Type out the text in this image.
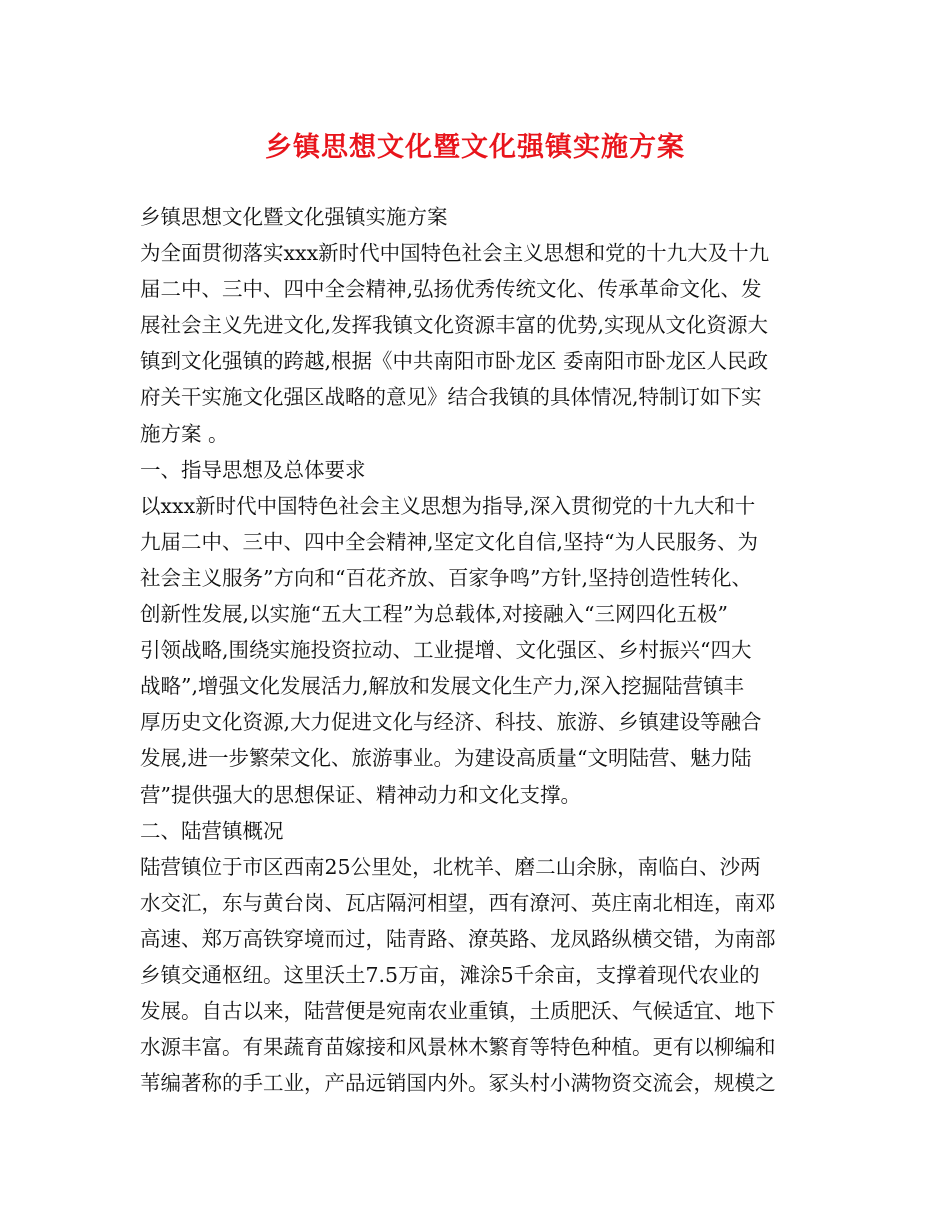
乡镇思想文化暨文化强镇实施方案
乡镇思想文化暨文化强镇实施方案
为全面贯彻落实xxx新时代中国特色社会主义思想和党的十九大及十九
届二中、三中、四中全会精神,弘扬优秀传统文化、传承革命文化、发
展社会主义先进文化,发挥我镇文化资源丰富的优势,实现从文化资源大
镇到文化强镇的跨越,根据《中共南阳市卧龙区 委南阳市卧龙区人民政
府关干实施文化强区战略的意见》结合我镇的具体情况,特制订如下实
施方案 。
一、指导思想及总体要求
以xxx新时代中国特色社会主义思想为指导,深入贯彻党的十九大和十
九届二中、三中、四中全会精神,坚定文化自信,坚持“为人民服务、为
社会主义服务”方向和“百花齐放、百家争鸣”方针,坚持创造性转化、
创新性发展,以实施“五大工程”为总载体,对接融入“三网四化五极”
引领战略,围绕实施投资拉动、工业提增、文化强区、乡村振兴“四大
战略”,增强文化发展活力,解放和发展文化生产力,深入挖掘陆营镇丰
厚历史文化资源,大力促进文化与经济、科技、旅游、乡镇建设等融合
发展,进一步繁荣文化、旅游事业。为建设高质量“文明陆营、魅力陆
营”提供强大的思想保证、精神动力和文化支撑。
二、陆营镇概况
陆营镇位于市区西南25公里处，北枕羊、磨二山余脉，南临白、沙两
水交汇，东与黄台岗、瓦店隔河相望，西有潦河、英庄南北相连，南邓
高速、郑万高铁穿境而过，陆青路、潦英路、龙凤路纵横交错，为南部
乡镇交通枢纽。这里沃土7.5万亩，滩涂5千余亩，支撑着现代农业的
发展。自古以来，陆营便是宛南农业重镇，土质肥沃、气候适宜、地下
水源丰富。有果蔬育苗嫁接和风景林木繁育等特色种植。更有以柳编和
苇编著称的手工业，产品远销国内外。冢头村小满物资交流会，规模之
